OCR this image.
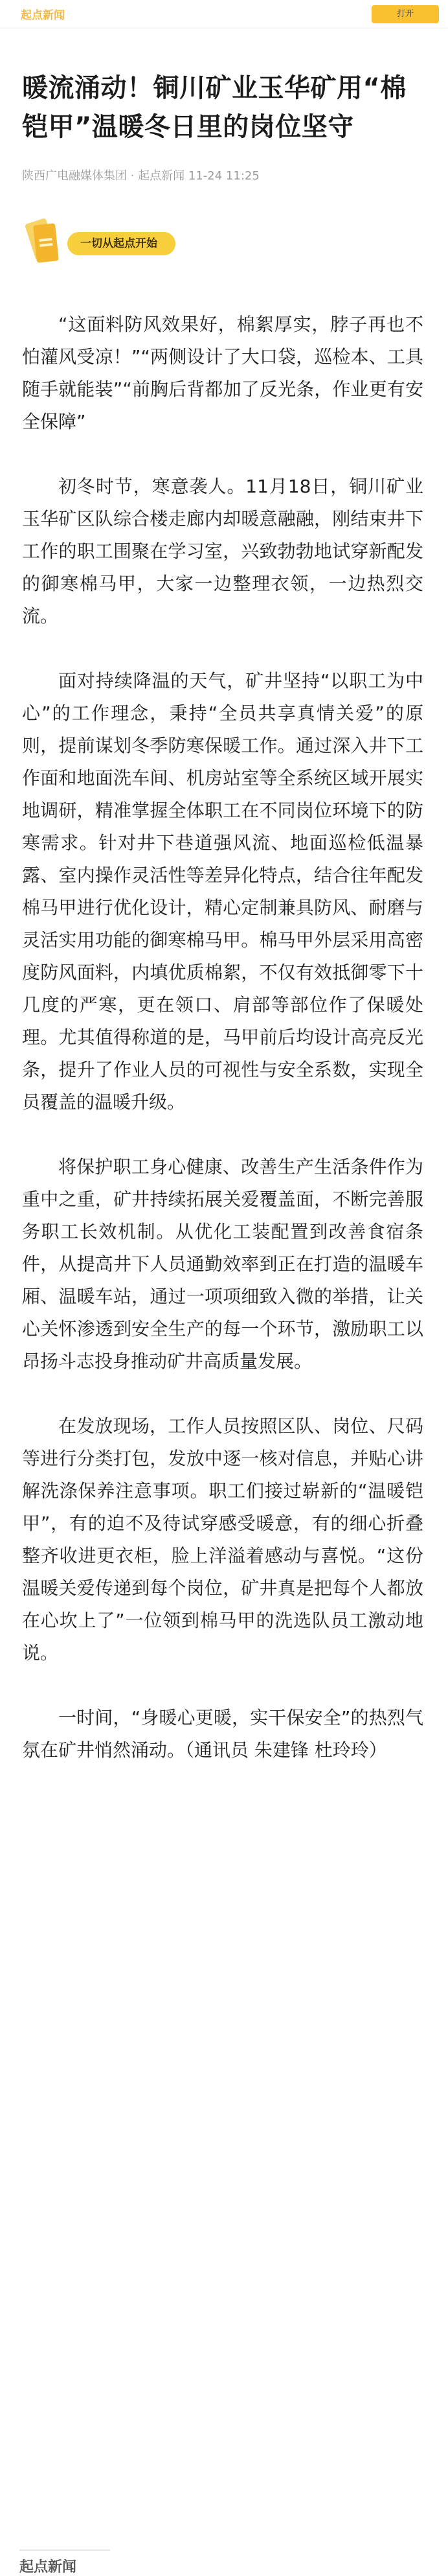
起点新闻	打开
暖流涌动！铜川矿业玉华矿用“棉铠甲”温暖冬日里的岗位坚守
陕西广电融媒体集团 · 起点新闻 11-24 11:25
一切从起点开始

“这面料防风效果好，棉絮厚实，脖子再也不怕灌风受凉！”“两侧设计了大口袋，巡检本、工具随手就能装”“前胸后背都加了反光条，作业更有安全保障”

初冬时节，寒意袭人。11月18日，铜川矿业玉华矿区队综合楼走廊内却暖意融融，刚结束井下工作的职工围聚在学习室，兴致勃勃地试穿新配发的御寒棉马甲，大家一边整理衣领，一边热烈交流。

面对持续降温的天气，矿井坚持“以职工为中心”的工作理念，秉持“全员共享真情关爱”的原则，提前谋划冬季防寒保暖工作。通过深入井下工作面和地面洗车间、机房站室等全系统区域开展实地调研，精准掌握全体职工在不同岗位环境下的防寒需求。针对井下巷道强风流、地面巡检低温暴露、室内操作灵活性等差异化特点，结合往年配发棉马甲进行优化设计，精心定制兼具防风、耐磨与灵活实用功能的御寒棉马甲。棉马甲外层采用高密度防风面料，内填优质棉絮，不仅有效抵御零下十几度的严寒，更在领口、肩部等部位作了保暖处理。尤其值得称道的是，马甲前后均设计高亮反光条，提升了作业人员的可视性与安全系数，实现全员覆盖的温暖升级。

将保护职工身心健康、改善生产生活条件作为重中之重，矿井持续拓展关爱覆盖面，不断完善服务职工长效机制。从优化工装配置到改善食宿条件，从提高井下人员通勤效率到正在打造的温暖车厢、温暖车站，通过一项项细致入微的举措，让关心关怀渗透到安全生产的每一个环节，激励职工以昂扬斗志投身推动矿井高质量发展。

在发放现场，工作人员按照区队、岗位、尺码等进行分类打包，发放中逐一核对信息，并贴心讲解洗涤保养注意事项。职工们接过崭新的“温暖铠甲”，有的迫不及待试穿感受暖意，有的细心折叠整齐收进更衣柜，脸上洋溢着感动与喜悦。“这份温暖关爱传递到每个岗位，矿井真是把每个人都放在心坎上了”一位领到棉马甲的洗选队员工激动地说。

一时间，“身暖心更暖，实干保安全”的热烈气氛在矿井悄然涌动。（通讯员 朱建锋 杜玲玲）

起点新闻
